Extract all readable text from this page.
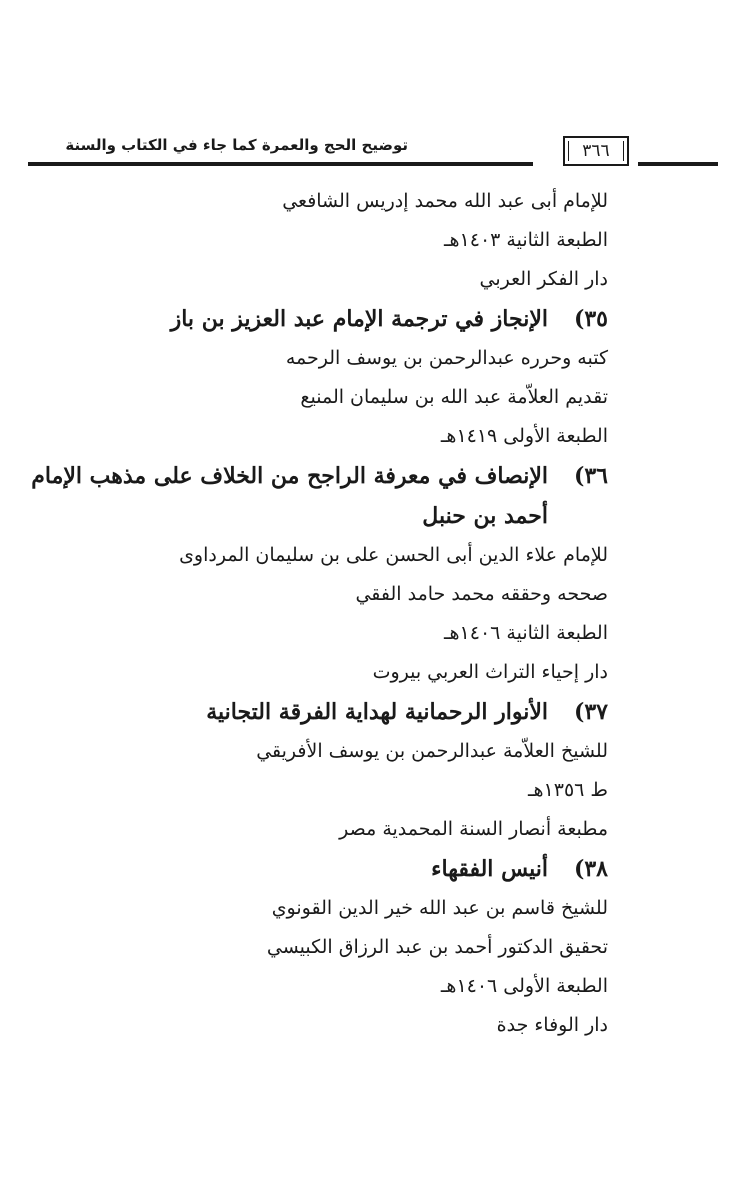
توضيح الحج والعمرة كما جاء في الكتاب والسنة	٣٦٦
للإمام أبى عبد الله محمد إدريس الشافعي
الطبعة الثانية ١٤٠٣هـ
دار الفكر العربي
٣٥)الإنجاز في ترجمة الإمام عبد العزيز بن باز
كتبه وحرره عبدالرحمن بن يوسف الرحمه
تقديم العلاّمة عبد الله بن سليمان المنيع
الطبعة الأولى ١٤١٩هـ
٣٦)الإنصاف في معرفة الراجح من الخلاف على مذهب الإمام
أحمد بن حنبل
للإمام علاء الدين أبى الحسن على بن سليمان المرداوى
صححه وحققه محمد حامد الفقي
الطبعة الثانية ١٤٠٦هـ
دار إحياء التراث العربي بيروت
٣٧)الأنوار الرحمانية لهداية الفرقة التجانية
للشيخ العلاّمة عبدالرحمن بن يوسف الأفريقي
ط ١٣٥٦هـ
مطبعة أنصار السنة المحمدية مصر
٣٨)أنيس الفقهاء
للشيخ قاسم بن عبد الله خير الدين القونوي
تحقيق الدكتور أحمد بن عبد الرزاق الكبيسي
الطبعة الأولى ١٤٠٦هـ
دار الوفاء جدة
